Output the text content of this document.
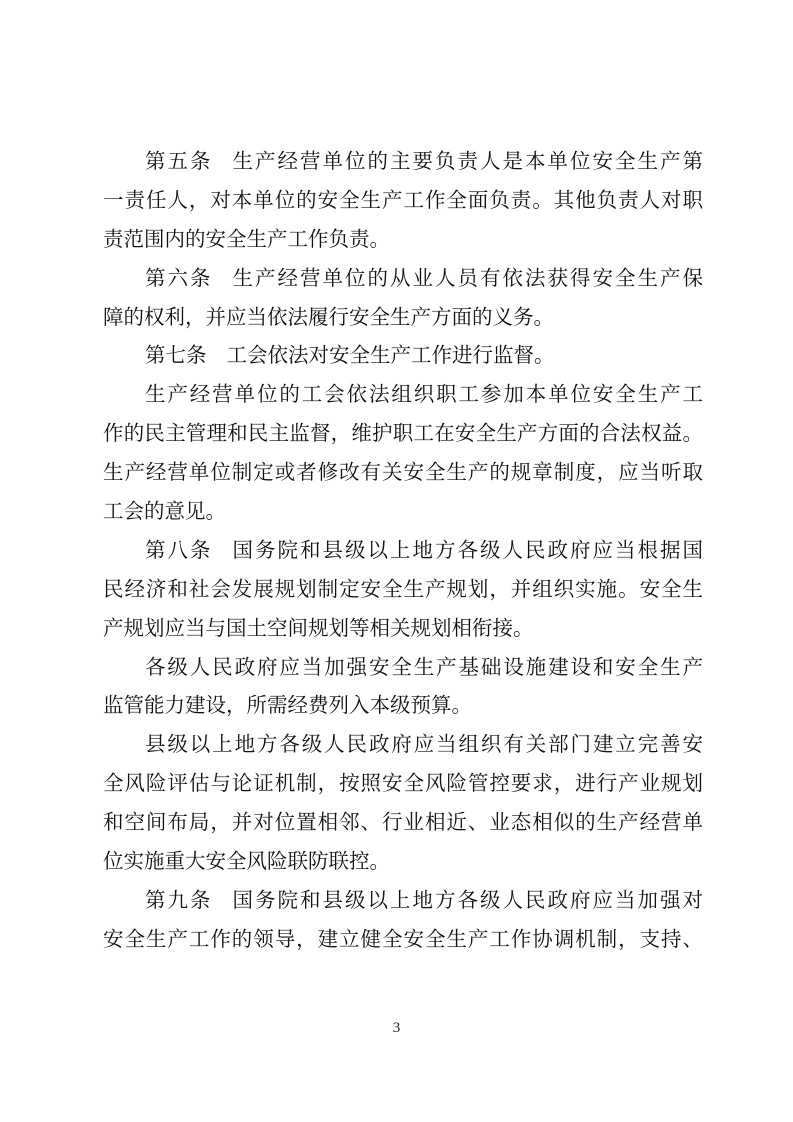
第五条 生产经营单位的主要负责人是本单位安全生产第
一责任人，对本单位的安全生产工作全面负责。其他负责人对职
责范围内的安全生产工作负责。
第六条 生产经营单位的从业人员有依法获得安全生产保
障的权利，并应当依法履行安全生产方面的义务。
第七条 工会依法对安全生产工作进行监督。
生产经营单位的工会依法组织职工参加本单位安全生产工
作的民主管理和民主监督，维护职工在安全生产方面的合法权益。
生产经营单位制定或者修改有关安全生产的规章制度，应当听取
工会的意见。
第八条 国务院和县级以上地方各级人民政府应当根据国
民经济和社会发展规划制定安全生产规划，并组织实施。安全生
产规划应当与国土空间规划等相关规划相衔接。
各级人民政府应当加强安全生产基础设施建设和安全生产
监管能力建设，所需经费列入本级预算。
县级以上地方各级人民政府应当组织有关部门建立完善安
全风险评估与论证机制，按照安全风险管控要求，进行产业规划
和空间布局，并对位置相邻、行业相近、业态相似的生产经营单
位实施重大安全风险联防联控。
第九条 国务院和县级以上地方各级人民政府应当加强对
安全生产工作的领导，建立健全安全生产工作协调机制，支持、
3
